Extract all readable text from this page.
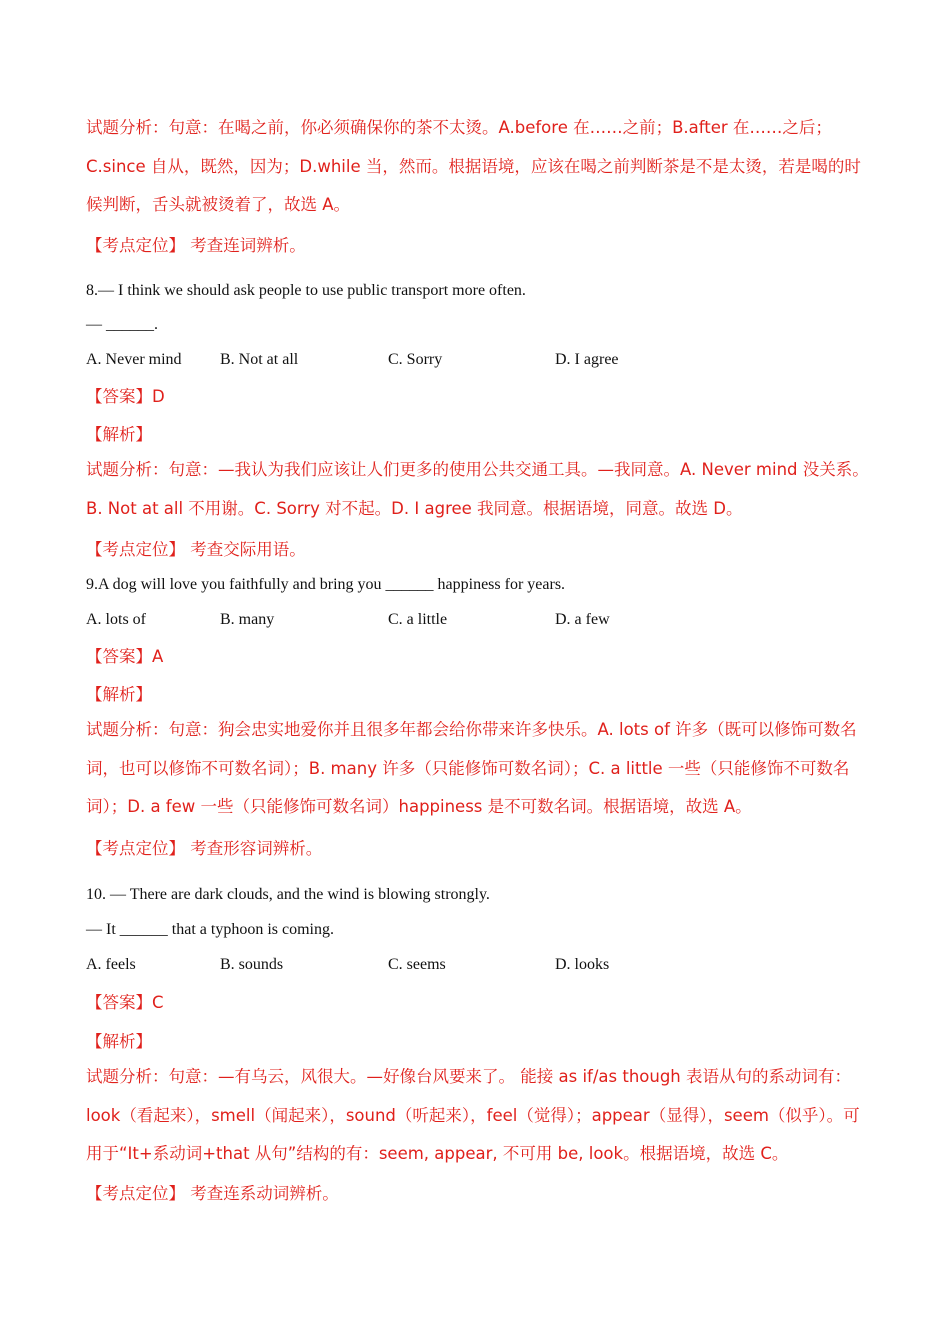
试题分析：句意：在喝之前，你必须确保你的茶不太烫。A.before 在……之前；B.after 在……之后；C.since 自从，既然，因为；D.while 当，然而。根据语境，应该在喝之前判断茶是不是太烫，若是喝的时候判断，舌头就被烫着了，故选 A。
【考点定位】 考查连词辨析。
8.— I think we should ask people to use public transport more often.
— ______.
A. Never mind B. Not at all	C. Sorry	D. I agree
【答案】D
【解析】
试题分析：句意：—我认为我们应该让人们更多的使用公共交通工具。—我同意。A. Never mind 没关系。B. Not at all 不用谢。C. Sorry 对不起。D. I agree 我同意。根据语境，同意。故选 D。
【考点定位】 考查交际用语。
9.A dog will love you faithfully and bring you ______ happiness for years.
A. lots of	B. many	C. a little	D. a few
【答案】A
【解析】
试题分析：句意：狗会忠实地爱你并且很多年都会给你带来许多快乐。A. lots of 许多（既可以修饰可数名词，也可以修饰不可数名词）；B. many 许多（只能修饰可数名词）；C. a little 一些（只能修饰不可数名词）；D. a few 一些（只能修饰可数名词）happiness 是不可数名词。根据语境，故选 A。
【考点定位】 考查形容词辨析。
10. — There are dark clouds, and the wind is blowing strongly.
— It ______ that a typhoon is coming.
A. feels	B. sounds	C. seems	D. looks
【答案】C
【解析】
试题分析：句意：—有乌云，风很大。—好像台风要来了。 能接 as if/as though 表语从句的系动词有：look（看起来），smell（闻起来），sound（听起来），feel（觉得）；appear（显得），seem（似乎）。可用于“It+系动词+that 从句”结构的有：seem, appear, 不可用 be, look。根据语境，故选 C。
【考点定位】 考查连系动词辨析。
